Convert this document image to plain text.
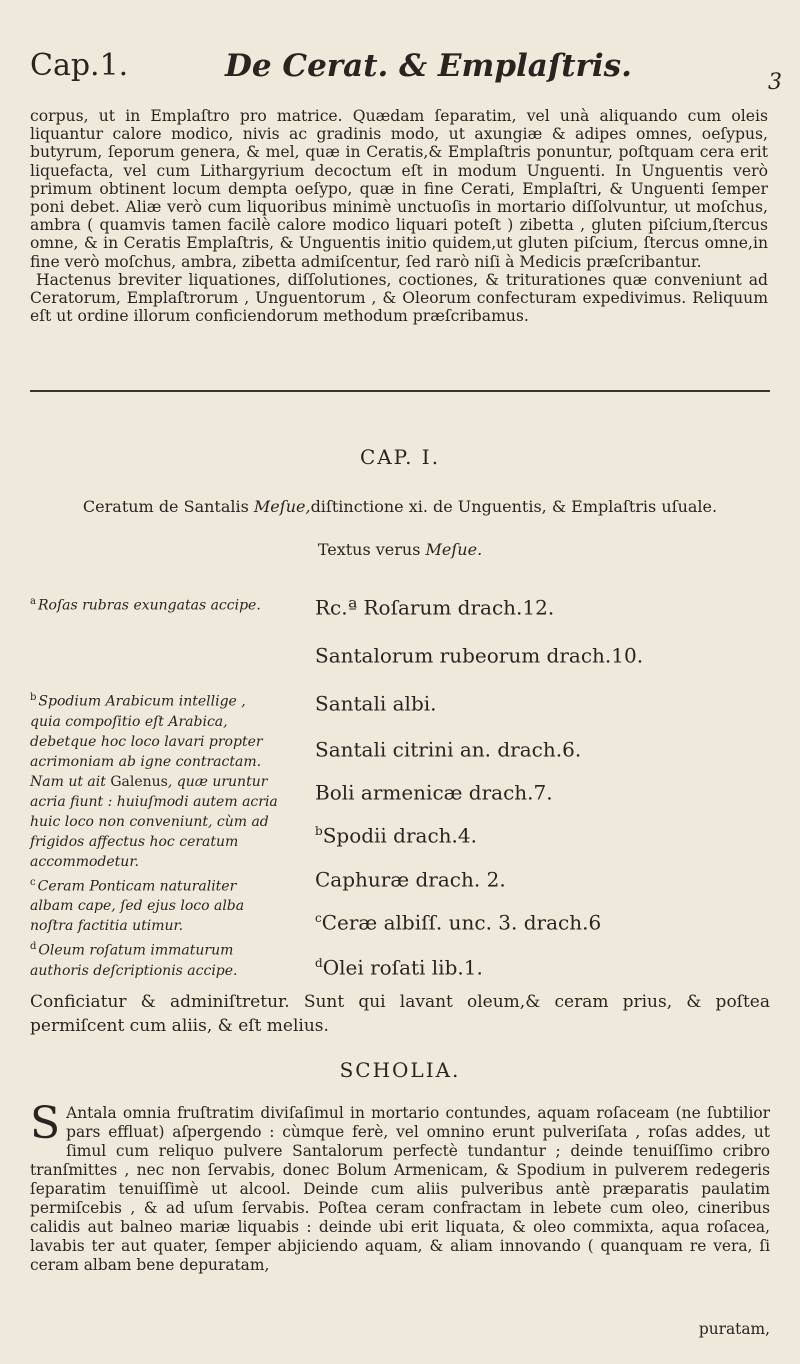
Cap.1.	De Cerat. & Emplaſtris.	3

corpus, ut in Emplaſtro pro matrice. Quædam ſeparatim, vel unà aliquando cum oleis liquantur calore modico, nivis ac gradinis modo, ut axungiæ & adipes omnes, oeſypus, butyrum, ſeporum genera, & mel, quæ in Ceratis,& Emplaſtris ponuntur, poſtquam cera erit liquefacta, vel cum Lithargyrium decoctum eſt in modum Unguenti. In Unguentis verò primum obtinent locum dempta oeſypo, quæ in fine Cerati, Emplaſtri, & Unguenti ſemper poni debet. Aliæ verò cum liquoribus minimè unctuoſis in mortario diſſolvuntur, ut moſchus, ambra ( quamvis tamen facilè calore modico liquari poteſt ) zibetta , gluten piſcium,ſtercus omne, & in Ceratis Emplaſtris, & Unguentis initio quidem,ut gluten piſcium, ſtercus omne,in fine verò moſchus, ambra, zibetta admiſcentur, ſed rarò niſi à Medicis præſcribantur.

Hactenus breviter liquationes, diſſolutiones, coctiones, & triturationes quæ conveniunt ad Ceratorum, Emplaſtrorum , Unguentorum , & Oleorum confecturam expedivimus. Reliquum eſt ut ordine illorum conficiendorum methodum præſcribamus.

CAP. I.
Ceratum de Santalis Meſue,diſtinctione xi. de Unguentis, & Emplaſtris uſuale.
Textus verus Meſue.

$^a$ Roſas rubras exungatas accipe.

$^b$ Spodium Arabicum intellige , quia compoſitio eſt Arabica, debetque hoc loco lavari propter acrimoniam ab igne contractam. Nam ut ait Galenus, quæ uruntur acria fiunt : huiuſmodi autem acria huic loco non conveniunt, cùm ad frigidos affectus hoc ceratum accommodetur.

$^c$ Ceram Ponticam naturaliter albam cape, ſed ejus loco alba noſtra factitia utimur.

$^d$ Oleum roſatum immaturum authoris deſcriptionis accipe.

Rc.ª Roſarum drach.12.
Santalorum rubeorum drach.10.
Santali albi.
Santali citrini an. drach.6.
Boli armenicæ drach.7.
$^b$Spodii drach.4.
Caphuræ drach. 2.
$^c$Ceræ albiſſ. unc. 3. drach.6
$^d$Olei roſati lib.1.
Conficiatur & adminiſtretur. Sunt qui lavant oleum,& ceram prius, & poſtea permiſcent cum aliis, & eſt melius.
SCHOLIA.

S Antala omnia fruſtratim diviſaſimul in mortario contundes, aquam roſaceam (ne ſubtilior pars effluat) aſpergendo : cùmque ferè, vel omnino erunt pulveriſata , roſas addes, ut ſimul cum reliquo pulvere Santalorum perfectè tundantur ; deinde tenuiſſimo cribro tranſmittes , nec non ſervabis, donec Bolum Armenicam, & Spodium in pulverem redegeris ſeparatim tenuiſſimè ut alcool. Deinde cum aliis pulveribus antè præparatis paulatim permiſcebis , & ad uſum ſervabis. Poſtea ceram confractam in lebete cum oleo, cineribus calidis aut balneo mariæ liquabis : deinde ubi erit liquata, & oleo commixta, aqua roſacea, lavabis ter aut quater, ſemper abjiciendo aquam, & aliam innovando ( quanquam re vera, ſi ceram albam bene depuratam,

puratam,
